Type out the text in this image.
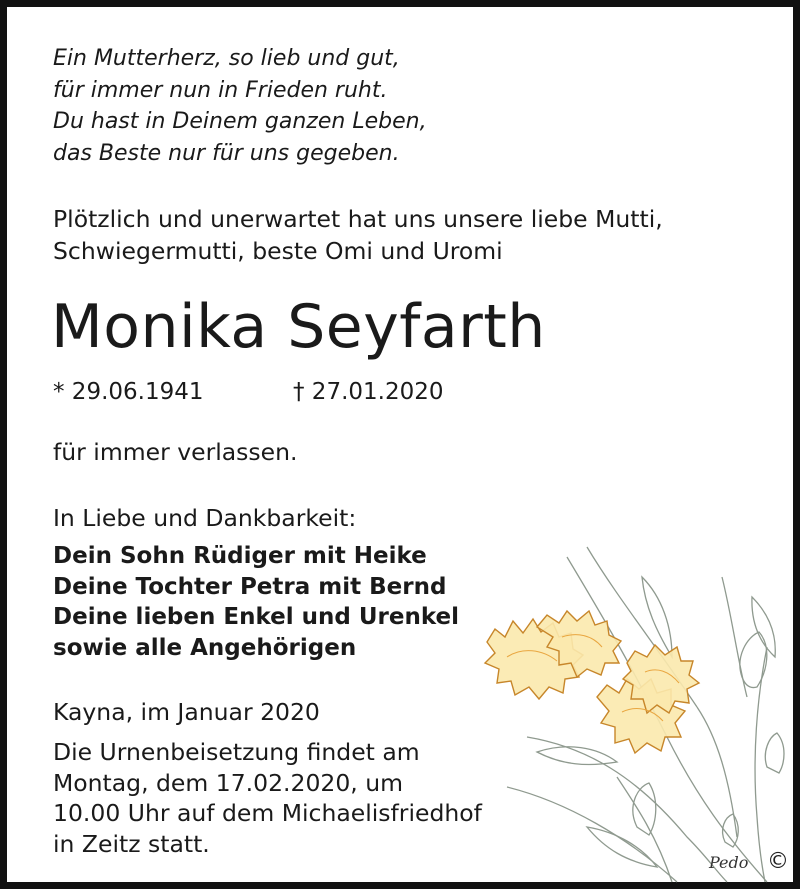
Ein Mutterherz, so lieb und gut,
für immer nun in Frieden ruht.
Du hast in Deinem ganzen Leben,
das Beste nur für uns gegeben.
Plötzlich und unerwartet hat uns unsere liebe Mutti,
Schwiegermutti, beste Omi und Uromi
Monika Seyfarth
* 29.06.1941	† 27.01.2020
für immer verlassen.
In Liebe und Dankbarkeit:
Dein Sohn Rüdiger mit Heike
Deine Tochter Petra mit Bernd
Deine lieben Enkel und Urenkel
sowie alle Angehörigen
Kayna, im Januar 2020
Die Urnenbeisetzung findet am
Montag, dem 17.02.2020, um
10.00 Uhr auf dem Michaelisfriedhof
in Zeitz statt.
Pedo ©
